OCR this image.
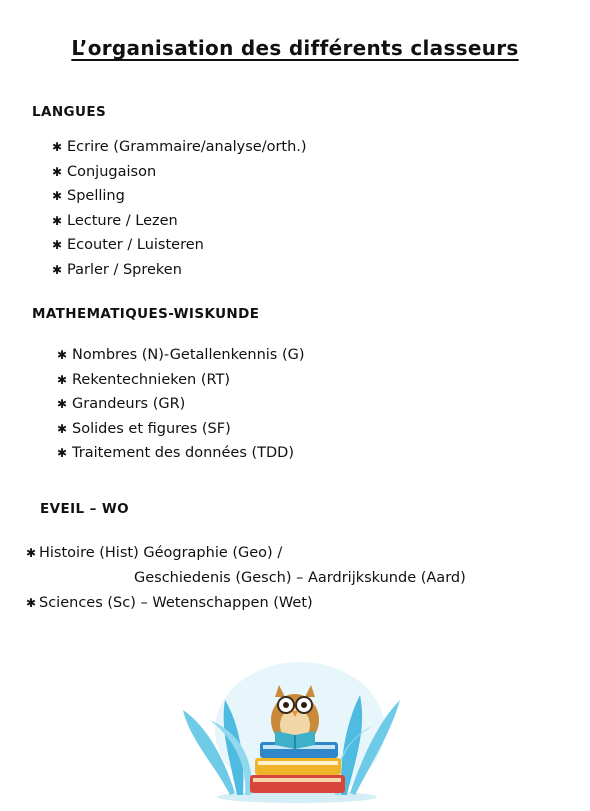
L’organisation des différents classeurs
LANGUES
✱ Ecrire (Grammaire/analyse/orth.)
✱ Conjugaison
✱ Spelling
✱ Lecture / Lezen
✱ Ecouter / Luisteren
✱ Parler / Spreken
MATHEMATIQUES-WISKUNDE
✱ Nombres (N)-Getallenkennis (G)
✱ Rekentechnieken (RT)
✱ Grandeurs (GR)
✱ Solides et figures (SF)
✱ Traitement des données (TDD)
EVEIL – WO
✱ Histoire (Hist) Géographie (Geo) /
Geschiedenis (Gesch) – Aardrijkskunde (Aard)
✱ Sciences (Sc) – Wetenschappen (Wet)
